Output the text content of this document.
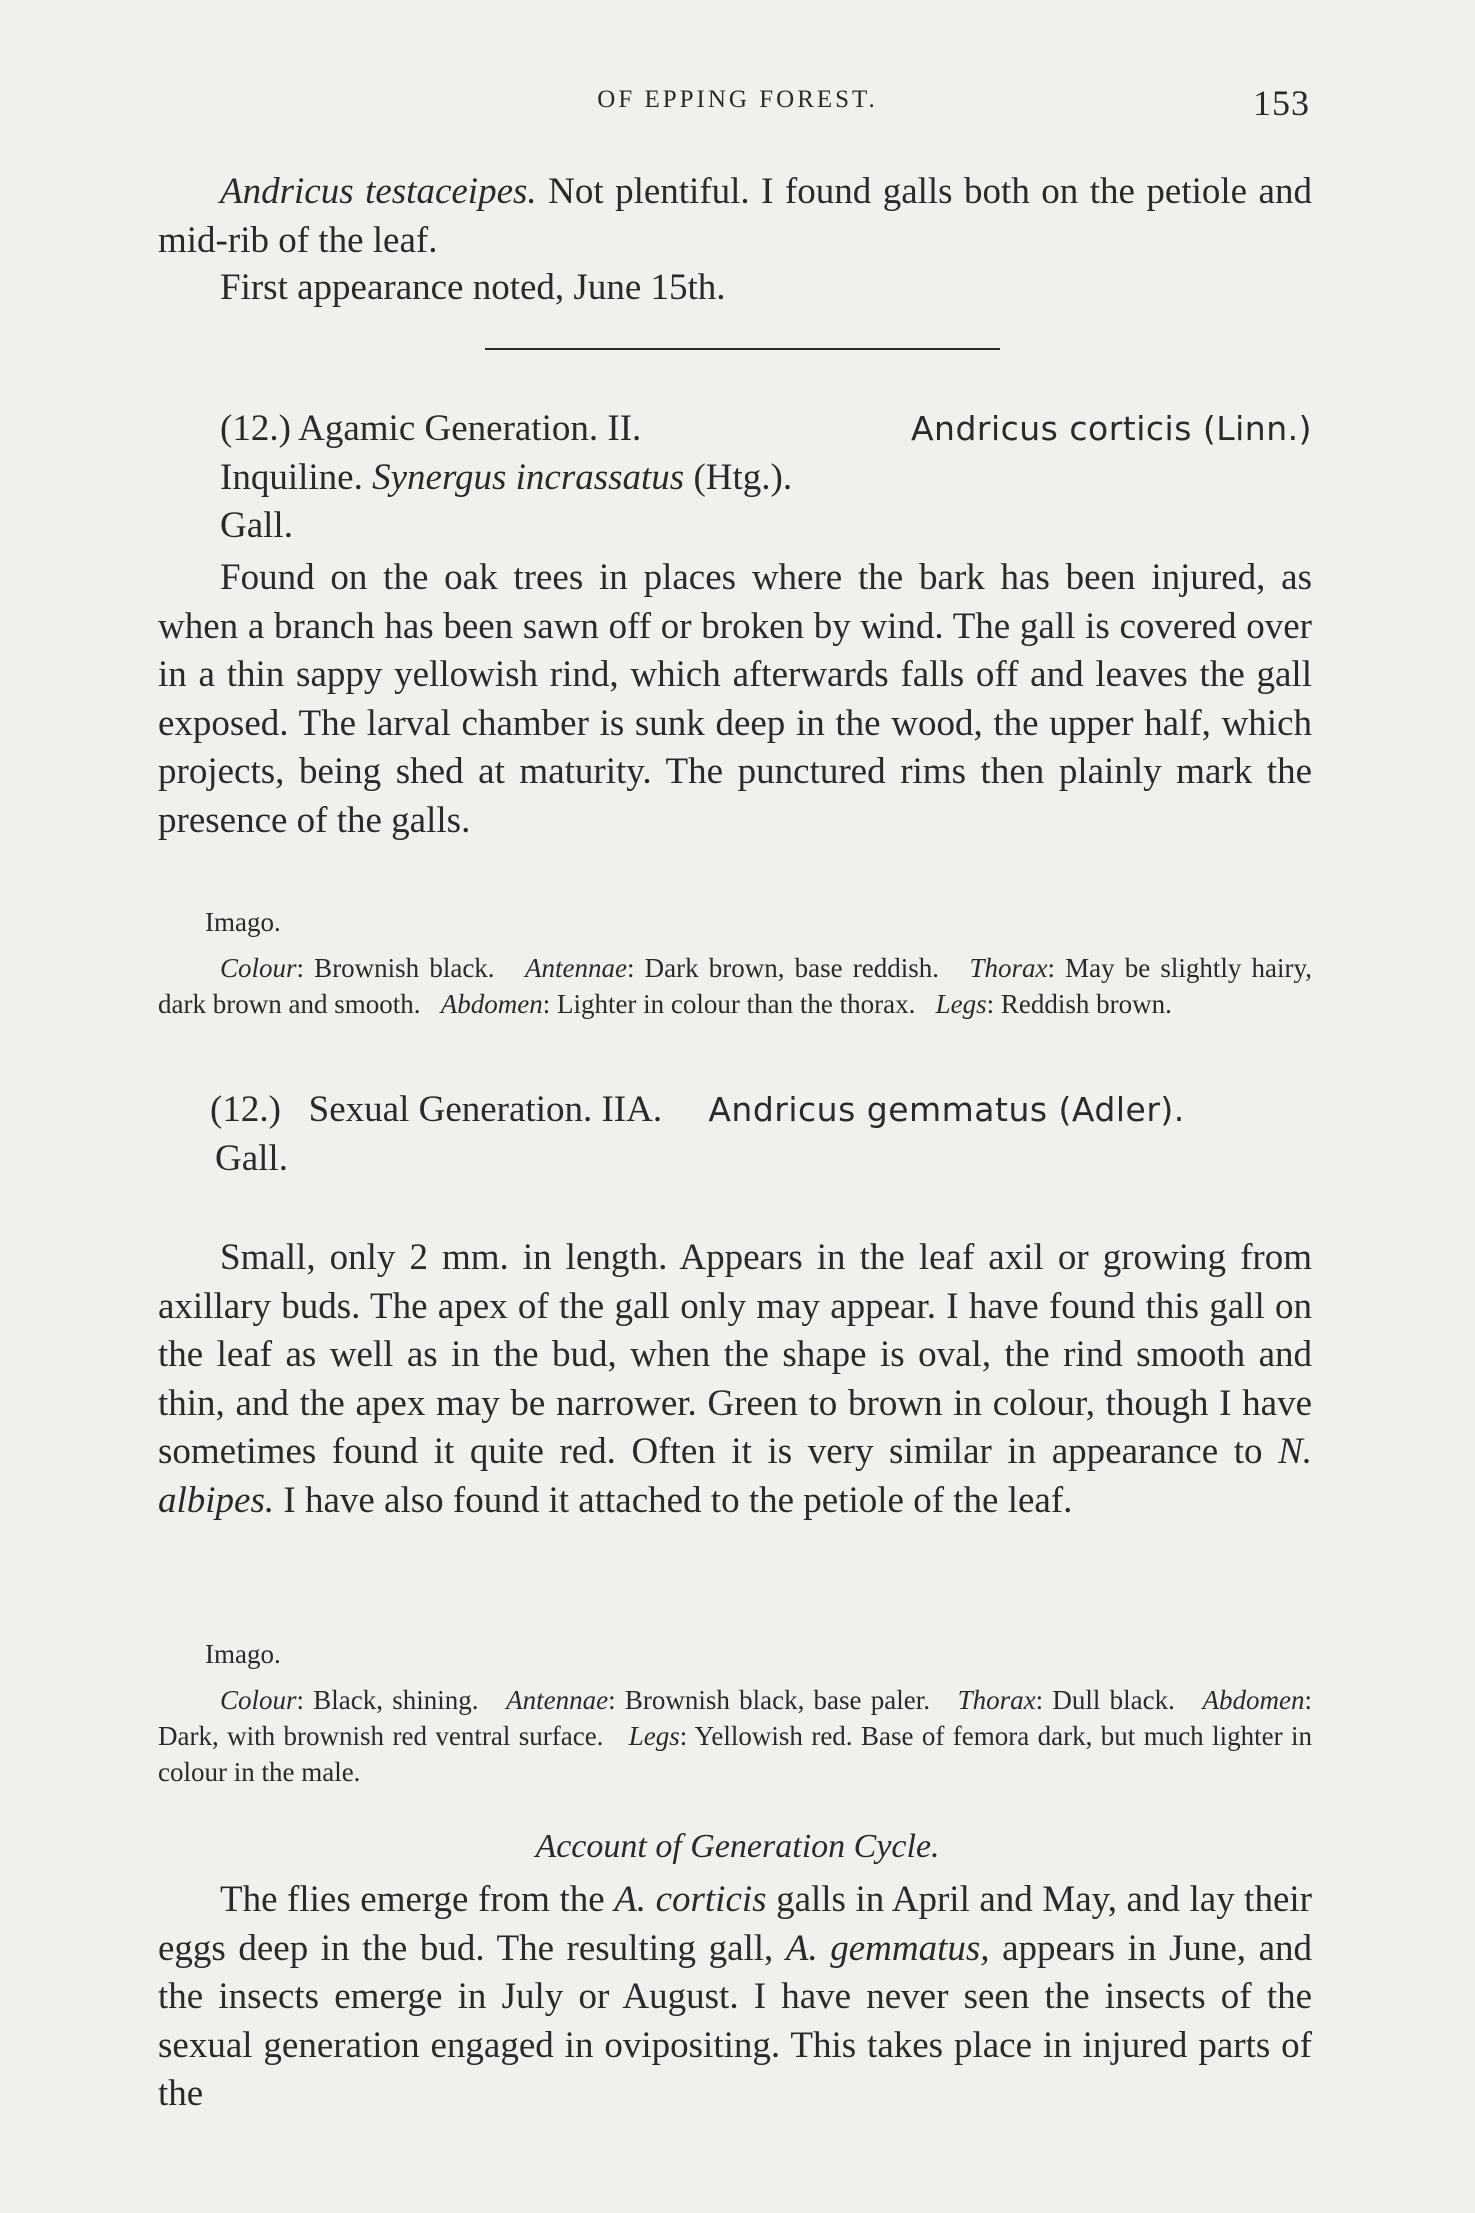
OF EPPING FOREST.	153
Andricus testaceipes. Not plentiful. I found galls both on the petiole and mid-rib of the leaf.
First appearance noted, June 15th.
(12.) Agamic Generation. II.	Andricus corticis (Linn.)
Inquiline. Synergus incrassatus (Htg.).
Gall.
Found on the oak trees in places where the bark has been injured, as when a branch has been sawn off or broken by wind. The gall is covered over in a thin sappy yellowish rind, which afterwards falls off and leaves the gall exposed. The larval chamber is sunk deep in the wood, the upper half, which projects, being shed at maturity. The punctured rims then plainly mark the presence of the galls.
Imago.
Colour: Brownish black. Antennae: Dark brown, base reddish. Thorax: May be slightly hairy, dark brown and smooth. Abdomen: Lighter in colour than the thorax. Legs: Reddish brown.
(12.) Sexual Generation. IIA. Andricus gemmatus (Adler).
Gall.
Small, only 2 mm. in length. Appears in the leaf axil or growing from axillary buds. The apex of the gall only may appear. I have found this gall on the leaf as well as in the bud, when the shape is oval, the rind smooth and thin, and the apex may be narrower. Green to brown in colour, though I have sometimes found it quite red. Often it is very similar in appearance to N. albipes. I have also found it attached to the petiole of the leaf.
Imago.
Colour: Black, shining. Antennae: Brownish black, base paler. Thorax: Dull black. Abdomen: Dark, with brownish red ventral surface. Legs: Yellowish red. Base of femora dark, but much lighter in colour in the male.
Account of Generation Cycle.
The flies emerge from the A. corticis galls in April and May, and lay their eggs deep in the bud. The resulting gall, A. gemmatus, appears in June, and the insects emerge in July or August. I have never seen the insects of the sexual generation engaged in ovipositing. This takes place in injured parts of the
